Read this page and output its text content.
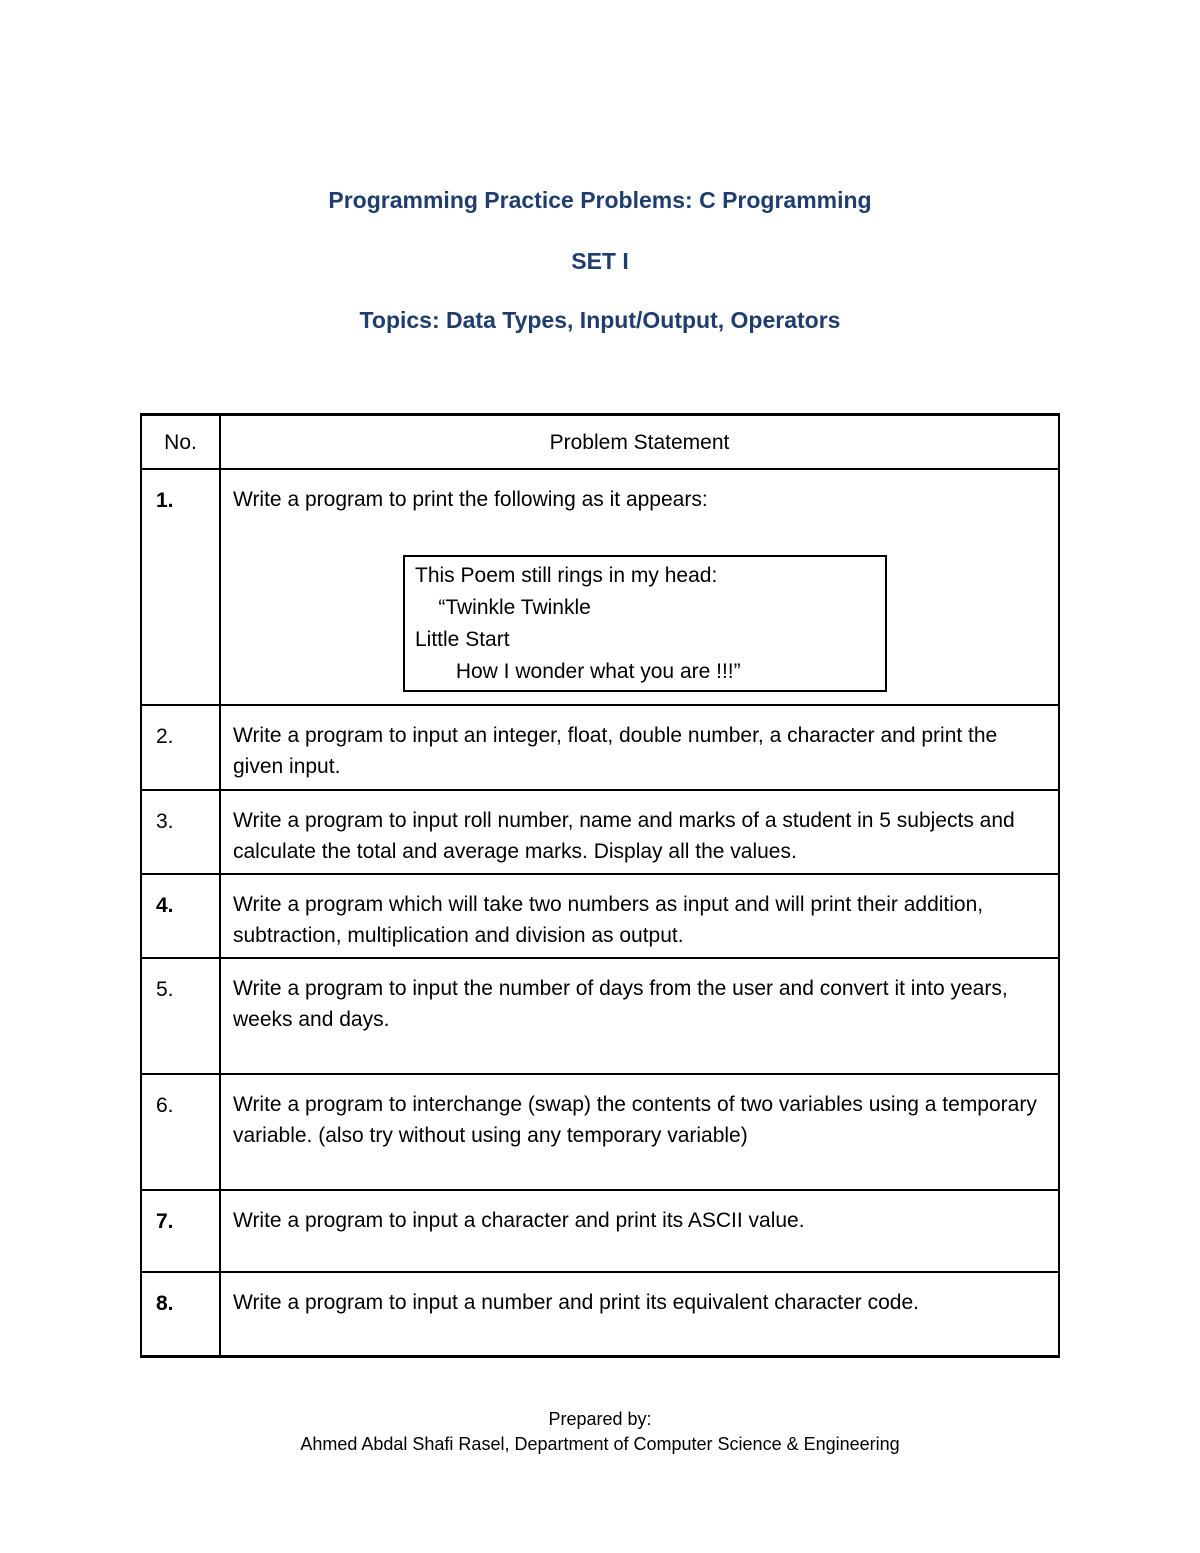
Programming Practice Problems: C Programming
SET I
Topics: Data Types, Input/Output, Operators
No.	Problem Statement
1.	Write a program to print the following as it appears:
This Poem still rings in my head:
“Twinkle Twinkle
Little Start
How I wonder what you are !!!”

2.	Write a program to input an integer, float, double number, a character and print the given input.
3.	Write a program to input roll number, name and marks of a student in 5 subjects and calculate the total and average marks. Display all the values.
4.	Write a program which will take two numbers as input and will print their addition, subtraction, multiplication and division as output.
5.	Write a program to input the number of days from the user and convert it into years, weeks and days.
6.	Write a program to interchange (swap) the contents of two variables using a temporary variable. (also try without using any temporary variable)
7.	Write a program to input a character and print its ASCII value.
8.	Write a program to input a number and print its equivalent character code.
Prepared by:
Ahmed Abdal Shafi Rasel, Department of Computer Science & Engineering
